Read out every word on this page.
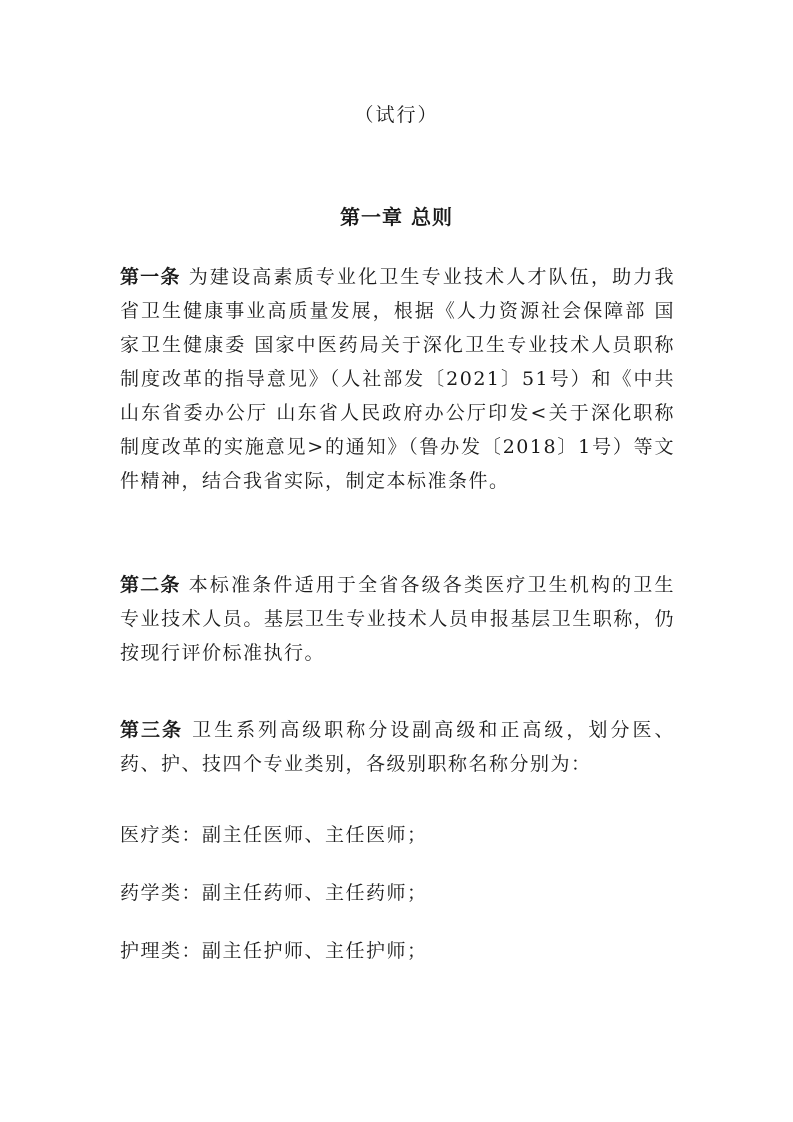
（试行）
第一章 总则

第一条 为建设高素质专业化卫生专业技术人才队伍，助力我省卫生健康事业高质量发展，根据《人力资源社会保障部 国家卫生健康委 国家中医药局关于深化卫生专业技术人员职称制度改革的指导意见》（人社部发〔2021〕51号）和《中共山东省委办公厅 山东省人民政府办公厅印发<关于深化职称制度改革的实施意见>的通知》（鲁办发〔2018〕1号）等文件精神，结合我省实际，制定本标准条件。

第二条 本标准条件适用于全省各级各类医疗卫生机构的卫生专业技术人员。基层卫生专业技术人员申报基层卫生职称，仍按现行评价标准执行。

第三条 卫生系列高级职称分设副高级和正高级，划分医、药、护、技四个专业类别，各级别职称名称分别为：

医疗类：副主任医师、主任医师；

药学类：副主任药师、主任药师；

护理类：副主任护师、主任护师；
